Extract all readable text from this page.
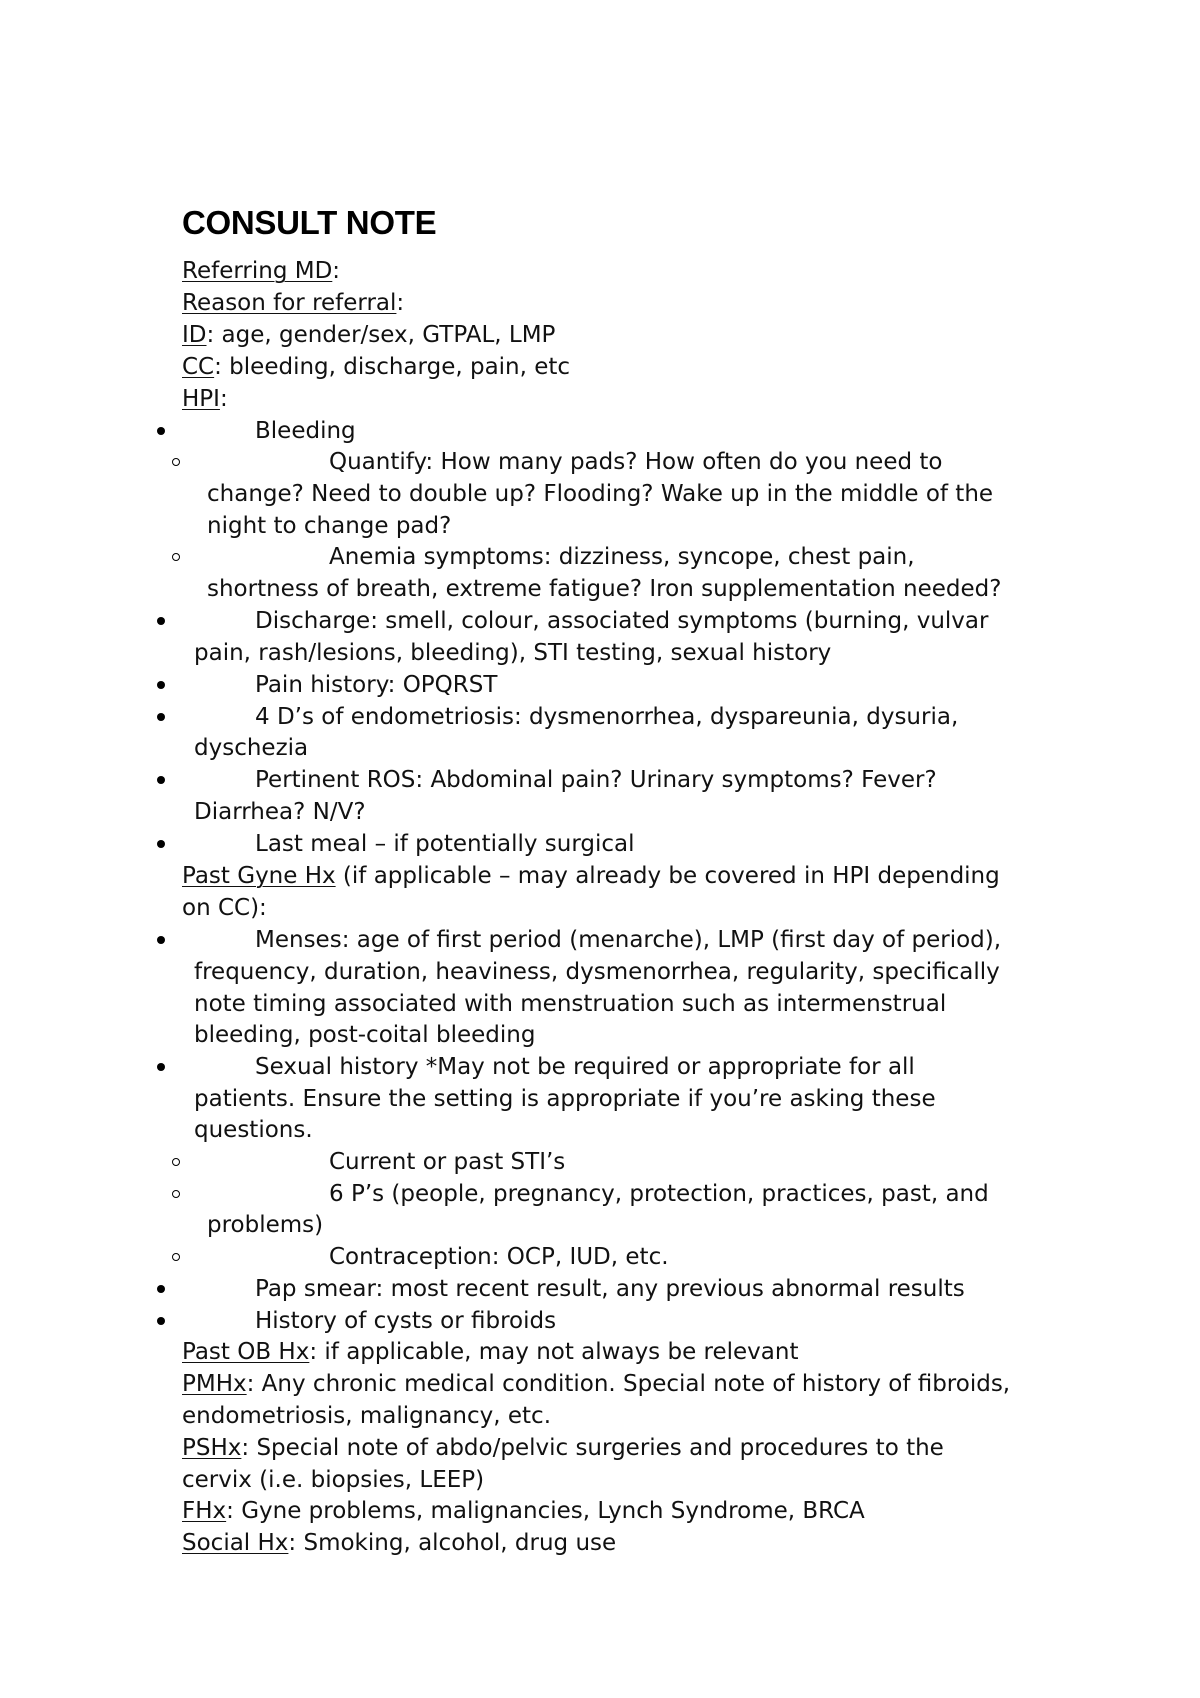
CONSULT NOTE
Referring MD:
Reason for referral:
ID: age, gender/sex, GTPAL, LMP
CC: bleeding, discharge, pain, etc
HPI:
Bleeding
Quantify: How many pads? How often do you need to
change? Need to double up? Flooding? Wake up in the middle of the
night to change pad?
Anemia symptoms: dizziness, syncope, chest pain,
shortness of breath, extreme fatigue? Iron supplementation needed?
Discharge: smell, colour, associated symptoms (burning, vulvar
pain, rash/lesions, bleeding), STI testing, sexual history
Pain history: OPQRST
4 D’s of endometriosis: dysmenorrhea, dyspareunia, dysuria,
dyschezia
Pertinent ROS: Abdominal pain? Urinary symptoms? Fever?
Diarrhea? N/V?
Last meal – if potentially surgical
Past Gyne Hx (if applicable – may already be covered in HPI depending
on CC):
Menses: age of first period (menarche), LMP (first day of period),
frequency, duration, heaviness, dysmenorrhea, regularity, specifically
note timing associated with menstruation such as intermenstrual
bleeding, post-coital bleeding
Sexual history *May not be required or appropriate for all
patients. Ensure the setting is appropriate if you’re asking these
questions.
Current or past STI’s
6 P’s (people, pregnancy, protection, practices, past, and
problems)
Contraception: OCP, IUD, etc.
Pap smear: most recent result, any previous abnormal results
History of cysts or fibroids
Past OB Hx: if applicable, may not always be relevant
PMHx: Any chronic medical condition. Special note of history of fibroids,
endometriosis, malignancy, etc.
PSHx: Special note of abdo/pelvic surgeries and procedures to the
cervix (i.e. biopsies, LEEP)
FHx: Gyne problems, malignancies, Lynch Syndrome, BRCA
Social Hx: Smoking, alcohol, drug use
